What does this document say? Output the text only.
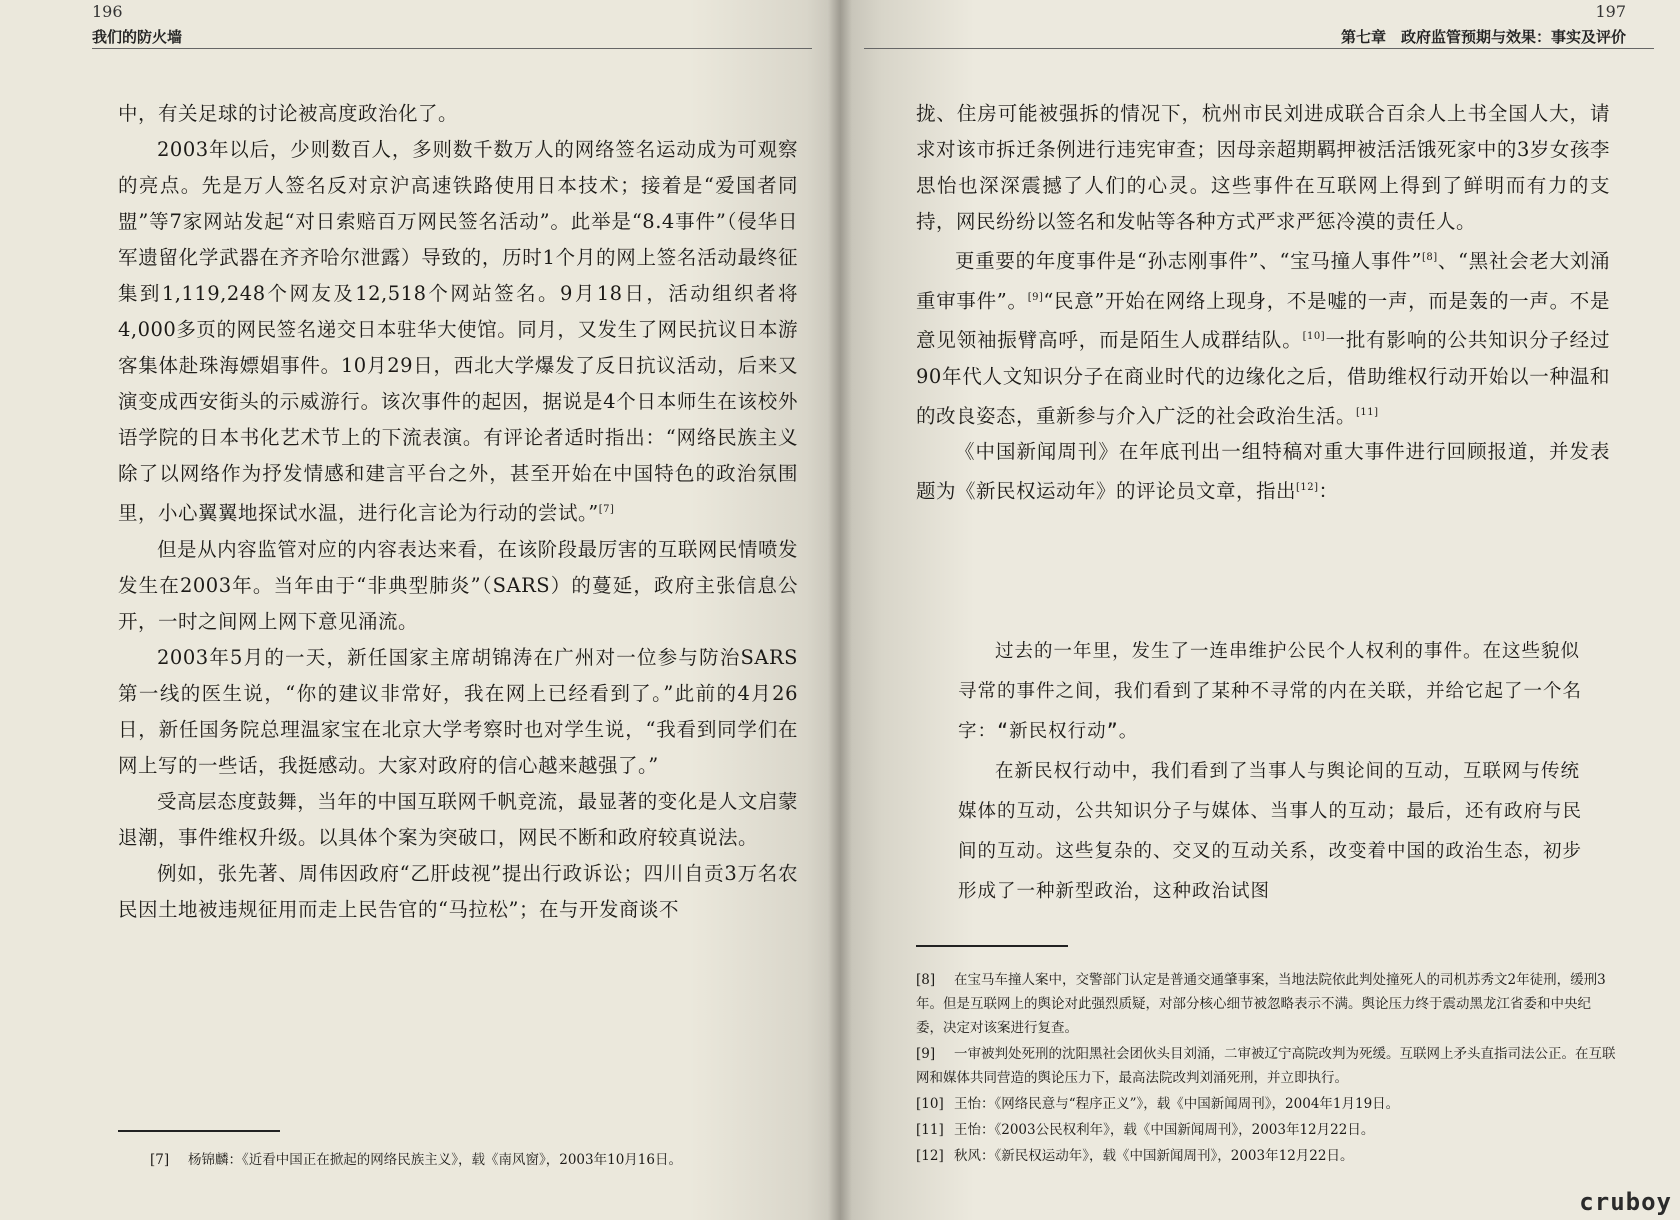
196
我们的防火墙

中，有关足球的讨论被高度政治化了。

2003年以后，少则数百人，多则数千数万人的网络签名运动成为可观察的亮点。先是万人签名反对京沪高速铁路使用日本技术；接着是“爱国者同盟”等7家网站发起“对日索赔百万网民签名活动”。此举是“8.4事件”（侵华日军遗留化学武器在齐齐哈尔泄露）导致的，历时1个月的网上签名活动最终征集到1,119,248个网友及12,518个网站签名。9月18日，活动组织者将4,000多页的网民签名递交日本驻华大使馆。同月，又发生了网民抗议日本游客集体赴珠海嫖娼事件。10月29日，西北大学爆发了反日抗议活动，后来又演变成西安街头的示威游行。该次事件的起因，据说是4个日本师生在该校外语学院的日本书化艺术节上的下流表演。有评论者适时指出：“网络民族主义除了以网络作为抒发情感和建言平台之外，甚至开始在中国特色的政治氛围里，小心翼翼地探试水温，进行化言论为行动的尝试。”[7]

但是从内容监管对应的内容表达来看，在该阶段最厉害的互联网民情喷发发生在2003年。当年由于“非典型肺炎”（SARS）的蔓延，政府主张信息公开，一时之间网上网下意见涌流。

2003年5月的一天，新任国家主席胡锦涛在广州对一位参与防治SARS第一线的医生说，“你的建议非常好，我在网上已经看到了。”此前的4月26日，新任国务院总理温家宝在北京大学考察时也对学生说，“我看到同学们在网上写的一些话，我挺感动。大家对政府的信心越来越强了。”

受高层态度鼓舞，当年的中国互联网千帆竞流，最显著的变化是人文启蒙退潮，事件维权升级。以具体个案为突破口，网民不断和政府较真说法。

例如，张先著、周伟因政府“乙肝歧视”提出行政诉讼；四川自贡3万名农民因土地被违规征用而走上民告官的“马拉松”；在与开发商谈不

[7] 杨锦麟：《近看中国正在掀起的网络民族主义》，载《南风窗》，2003年10月16日。

197
第七章　政府监管预期与效果：事实及评价

拢、住房可能被强拆的情况下，杭州市民刘进成联合百余人上书全国人大，请求对该市拆迁条例进行违宪审查；因母亲超期羁押被活活饿死家中的3岁女孩李思怡也深深震撼了人们的心灵。这些事件在互联网上得到了鲜明而有力的支持，网民纷纷以签名和发帖等各种方式严求严惩冷漠的责任人。

更重要的年度事件是“孙志刚事件”、“宝马撞人事件”[8]、“黑社会老大刘涌重审事件”。[9]“民意”开始在网络上现身，不是嘘的一声，而是轰的一声。不是意见领袖振臂高呼，而是陌生人成群结队。[10]一批有影响的公共知识分子经过90年代人文知识分子在商业时代的边缘化之后，借助维权行动开始以一种温和的改良姿态，重新参与介入广泛的社会政治生活。[11]

《中国新闻周刊》在年底刊出一组特稿对重大事件进行回顾报道，并发表题为《新民权运动年》的评论员文章，指出[12]：

过去的一年里，发生了一连串维护公民个人权利的事件。在这些貌似寻常的事件之间，我们看到了某种不寻常的内在关联，并给它起了一个名字：“新民权行动”。

在新民权行动中，我们看到了当事人与舆论间的互动，互联网与传统媒体的互动，公共知识分子与媒体、当事人的互动；最后，还有政府与民间的互动。这些复杂的、交叉的互动关系，改变着中国的政治生态，初步形成了一种新型政治，这种政治试图

[8] 在宝马车撞人案中，交警部门认定是普通交通肇事案，当地法院依此判处撞死人的司机苏秀文2年徒刑，缓刑3年。但是互联网上的舆论对此强烈质疑，对部分核心细节被忽略表示不满。舆论压力终于震动黑龙江省委和中央纪委，决定对该案进行复查。

[9] 一审被判处死刑的沈阳黑社会团伙头目刘涌，二审被辽宁高院改判为死缓。互联网上矛头直指司法公正。在互联网和媒体共同营造的舆论压力下，最高法院改判刘涌死刑，并立即执行。

[10] 王怡：《网络民意与“程序正义”》，载《中国新闻周刊》，2004年1月19日。

[11] 王怡：《2003公民权利年》，载《中国新闻周刊》，2003年12月22日。

[12] 秋风：《新民权运动年》，载《中国新闻周刊》，2003年12月22日。

cruboy
